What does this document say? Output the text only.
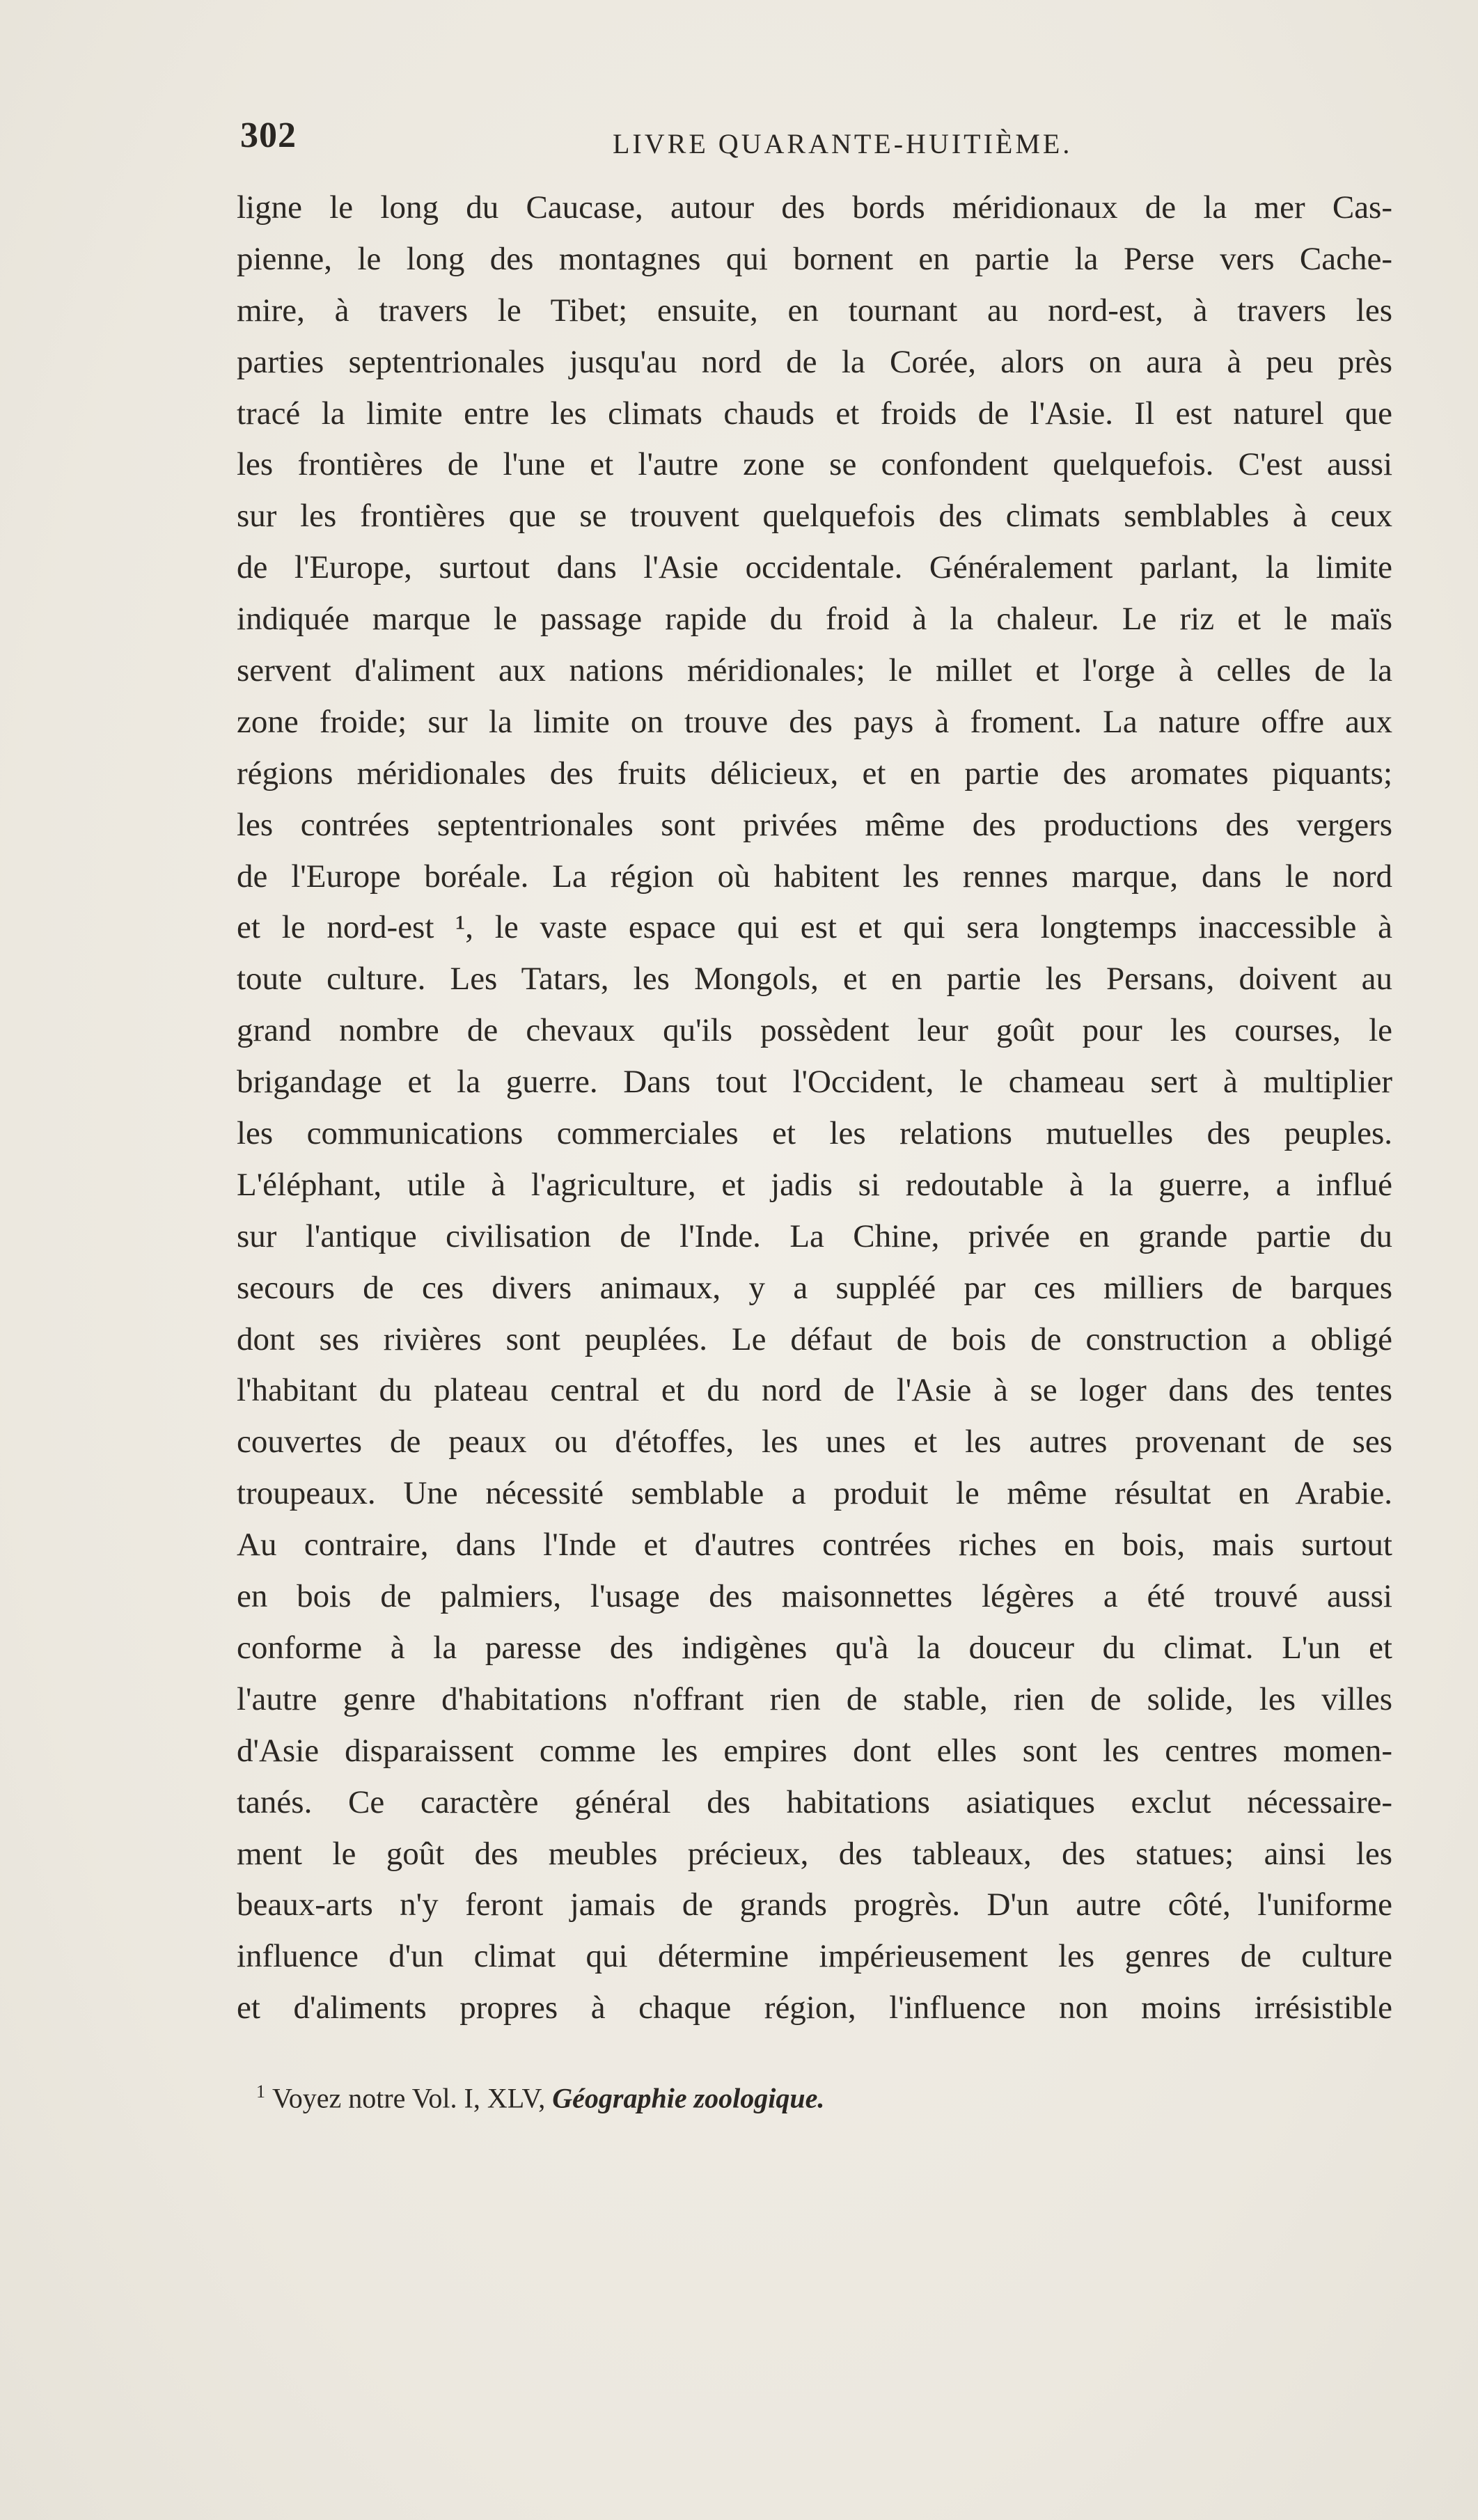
302	LIVRE QUARANTE-HUITIÈME.
ligne le long du Caucase, autour des bords méridionaux de la mer Cas-
pienne, le long des montagnes qui bornent en partie la Perse vers Cache-
mire, à travers le Tibet; ensuite, en tournant au nord-est, à travers les
parties septentrionales jusqu'au nord de la Corée, alors on aura à peu près
tracé la limite entre les climats chauds et froids de l'Asie. Il est naturel que
les frontières de l'une et l'autre zone se confondent quelquefois. C'est aussi
sur les frontières que se trouvent quelquefois des climats semblables à ceux
de l'Europe, surtout dans l'Asie occidentale. Généralement parlant, la limite
indiquée marque le passage rapide du froid à la chaleur. Le riz et le maïs
servent d'aliment aux nations méridionales; le millet et l'orge à celles de la
zone froide; sur la limite on trouve des pays à froment. La nature offre aux
régions méridionales des fruits délicieux, et en partie des aromates piquants;
les contrées septentrionales sont privées même des productions des vergers
de l'Europe boréale. La région où habitent les rennes marque, dans le nord
et le nord-est ¹, le vaste espace qui est et qui sera longtemps inaccessible à
toute culture. Les Tatars, les Mongols, et en partie les Persans, doivent au
grand nombre de chevaux qu'ils possèdent leur goût pour les courses, le
brigandage et la guerre. Dans tout l'Occident, le chameau sert à multiplier
les communications commerciales et les relations mutuelles des peuples.
L'éléphant, utile à l'agriculture, et jadis si redoutable à la guerre, a influé
sur l'antique civilisation de l'Inde. La Chine, privée en grande partie du
secours de ces divers animaux, y a suppléé par ces milliers de barques
dont ses rivières sont peuplées. Le défaut de bois de construction a obligé
l'habitant du plateau central et du nord de l'Asie à se loger dans des tentes
couvertes de peaux ou d'étoffes, les unes et les autres provenant de ses
troupeaux. Une nécessité semblable a produit le même résultat en Arabie.
Au contraire, dans l'Inde et d'autres contrées riches en bois, mais surtout
en bois de palmiers, l'usage des maisonnettes légères a été trouvé aussi
conforme à la paresse des indigènes qu'à la douceur du climat. L'un et
l'autre genre d'habitations n'offrant rien de stable, rien de solide, les villes
d'Asie disparaissent comme les empires dont elles sont les centres momen-
tanés. Ce caractère général des habitations asiatiques exclut nécessaire-
ment le goût des meubles précieux, des tableaux, des statues; ainsi les
beaux-arts n'y feront jamais de grands progrès. D'un autre côté, l'uniforme
influence d'un climat qui détermine impérieusement les genres de culture
et d'aliments propres à chaque région, l'influence non moins irrésistible
$^1$ Voyez notre Vol. I, XLV, Géographie zoologique.
